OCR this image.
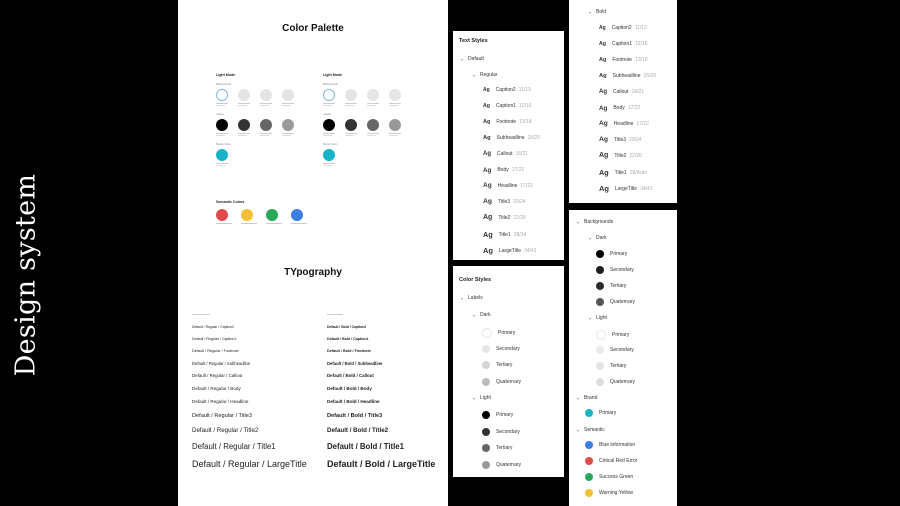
Design system
Color Palette
Light Mode
Backgrounds
Labels
Brand colors
Light Mode
Backgrounds
Labels
Brand colors
Semantic Colors
TYpography
Default / Regular / Caption2
Default / Regular / Caption1
Default / Regular / Footnote
Default / Regular / Subheadline
Default / Regular / Callout
Default / Regular / Body
Default / Regular / Headline
Default / Regular / Title3
Default / Regular / Title2
Default / Regular / Title1
Default / Regular / LargeTitle
Default / Bold / Caption2
Default / Bold / Caption1
Default / Bold / Footnote
Default / Bold / Subheadline
Default / Bold / Callout
Default / Bold / Body
Default / Bold / Headline
Default / Bold / Title3
Default / Bold / Title2
Default / Bold / Title1
Default / Bold / LargeTitle
Text Styles
▾ Default
▾ Regular
Ag Caption2 11/13
Ag Caption1 12/16
Ag Footnote 13/18
Ag Subheadline 15/20
Ag Callout 16/21
Ag Body 17/22
Ag Headline 17/22
Ag Title3 20/24
Ag Title2 22/26
Ag Title1 28/34
Ag LargeTitle 34/41
▾ Bold
Ag Caption2 11/13
Ag Caption1 12/16
Ag Footnote 13/18
Ag Subheadline 15/20
Ag Callout 16/21
Ag Body 17/22
Ag Headline 17/22
Ag Title3 20/24
Ag Title2 22/26
Ag Title1 28/Auto
Ag LargeTitle 34/41
Color Styles
▾ Labels
▾ Dark
▾ Light
Primary
Secondary
Tertiary
Quaternary
Primary
Secondary
Tertiary
Quaternary
▾ Backgrounds
▾ Dark
▾ Light
▾ Brand
▾ Semantic
Primary
Secondary
Tertiary
Quaternary
Primary
Secondary
Tertiary
Quaternary
Primary
Blue information
Critical Red Error
Success Green
Warning Yellow
